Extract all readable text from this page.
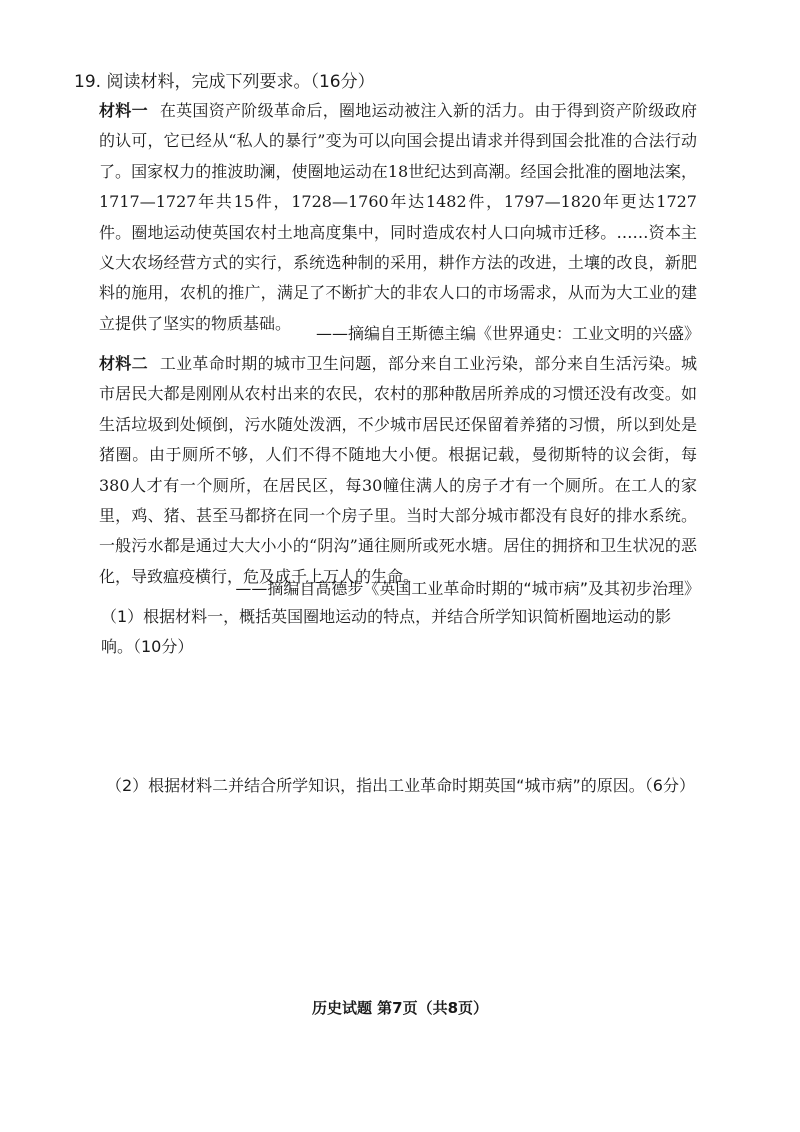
19. 阅读材料，完成下列要求。（16分）

材料一 在英国资产阶级革命后，圈地运动被注入新的活力。由于得到资产阶级政府的认可，它已经从“私人的暴行”变为可以向国会提出请求并得到国会批准的合法行动了。国家权力的推波助澜，使圈地运动在18世纪达到高潮。经国会批准的圈地法案，1717—1727年共15件，1728—1760年达1482件，1797—1820年更达1727件。圈地运动使英国农村土地高度集中，同时造成农村人口向城市迁移。……资本主义大农场经营方式的实行，系统选种制的采用，耕作方法的改进，土壤的改良，新肥料的施用，农机的推广，满足了不断扩大的非农人口的市场需求，从而为大工业的建立提供了坚实的物质基础。

——摘编自王斯德主编《世界通史：工业文明的兴盛》

材料二 工业革命时期的城市卫生问题，部分来自工业污染，部分来自生活污染。城市居民大都是刚刚从农村出来的农民，农村的那种散居所养成的习惯还没有改变。如生活垃圾到处倾倒，污水随处泼洒，不少城市居民还保留着养猪的习惯，所以到处是猪圈。由于厕所不够，人们不得不随地大小便。根据记载，曼彻斯特的议会街，每380人才有一个厕所，在居民区，每30幢住满人的房子才有一个厕所。在工人的家里，鸡、猪、甚至马都挤在同一个房子里。当时大部分城市都没有良好的排水系统。一般污水都是通过大大小小的“阴沟”通往厕所或死水塘。居住的拥挤和卫生状况的恶化，导致瘟疫横行，危及成千上万人的生命。

——摘编自高德步《英国工业革命时期的“城市病”及其初步治理》

（1）根据材料一，概括英国圈地运动的特点，并结合所学知识简析圈地运动的影响。（10分）

（2）根据材料二并结合所学知识，指出工业革命时期英国“城市病”的原因。（6分）

历史试题 第7页（共8页）
